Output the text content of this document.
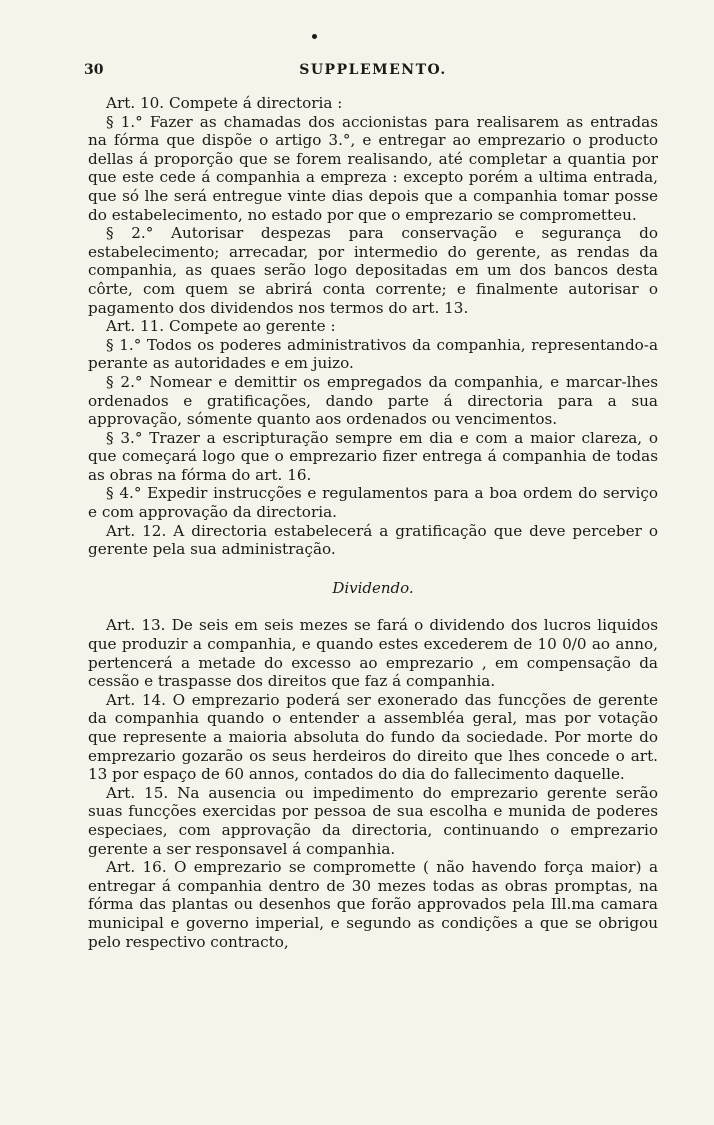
30	SUPPLEMENTO.

Art. 10. Compete á directoria :

§ 1.° Fazer as chamadas dos accionistas para realisarem as entradas na fórma que dispõe o artigo 3.°, e entregar ao emprezario o producto dellas á proporção que se forem realisando, até completar a quantia por que este cede á companhia a empreza : excepto porém a ultima entrada, que só lhe será entregue vinte dias depois que a companhia tomar posse do estabelecimento, no estado por que o emprezario se comprometteu.

§ 2.° Autorisar despezas para conservação e segurança do estabelecimento; arrecadar, por intermedio do gerente, as rendas da companhia, as quaes serão logo depositadas em um dos bancos desta côrte, com quem se abrirá conta corrente; e finalmente autorisar o pagamento dos dividendos nos termos do art. 13.

Art. 11. Compete ao gerente :

§ 1.° Todos os poderes administrativos da companhia, representando-a perante as autoridades e em juizo.

§ 2.° Nomear e demittir os empregados da companhia, e marcar-lhes ordenados e gratificações, dando parte á directoria para a sua approvação, sómente quanto aos ordenados ou vencimentos.

§ 3.° Trazer a escripturação sempre em dia e com a maior clareza, o que começará logo que o emprezario fizer entrega á companhia de todas as obras na fórma do art. 16.

§ 4.° Expedir instrucções e regulamentos para a boa ordem do serviço e com approvação da directoria.

Art. 12. A directoria estabelecerá a gratificação que deve perceber o gerente pela sua administração.

Dividendo.

Art. 13. De seis em seis mezes se fará o dividendo dos lucros liquidos que produzir a companhia, e quando estes excederem de 10 0/0 ao anno, pertencerá a metade do excesso ao emprezario , em compensação da cessão e traspasse dos direitos que faz á companhia.

Art. 14. O emprezario poderá ser exonerado das funcções de gerente da companhia quando o entender a assembléa geral, mas por votação que represente a maioria absoluta do fundo da sociedade. Por morte do emprezario gozarão os seus herdeiros do direito que lhes concede o art. 13 por espaço de 60 annos, contados do dia do fallecimento daquelle.

Art. 15. Na ausencia ou impedimento do emprezario gerente serão suas funcções exercidas por pessoa de sua escolha e munida de poderes especiaes, com approvação da directoria, continuando o emprezario gerente a ser responsavel á companhia.

Art. 16. O emprezario se compromette ( não havendo força maior) a entregar á companhia dentro de 30 mezes todas as obras promptas, na fórma das plantas ou desenhos que forão approvados pela Ill.ma camara municipal e governo imperial, e segundo as condições a que se obrigou pelo respectivo contracto,
